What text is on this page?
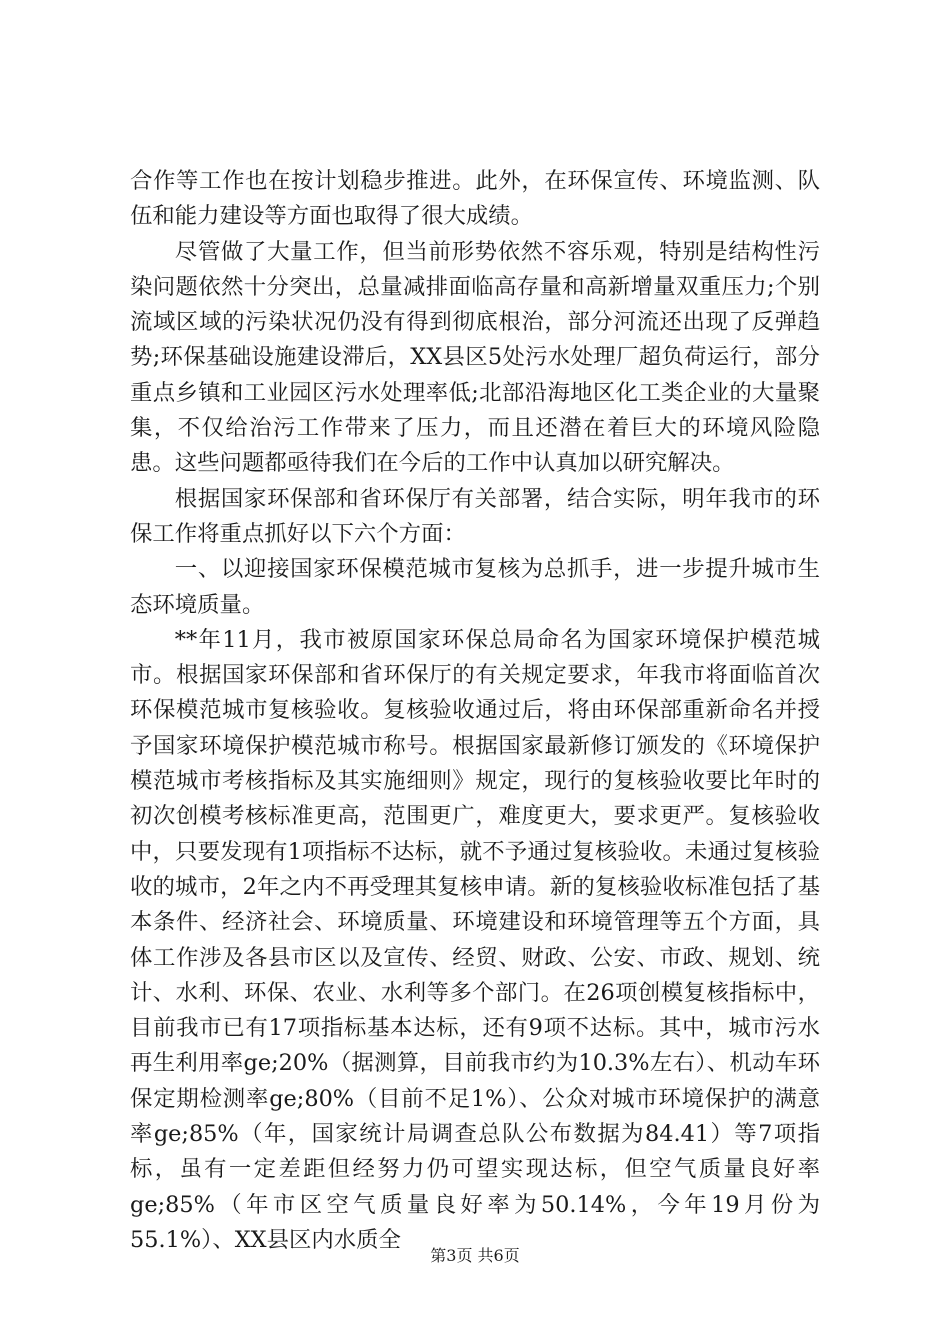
合作等工作也在按计划稳步推进。此外，在环保宣传、环境监测、队伍和能力建设等方面也取得了很大成绩。

尽管做了大量工作，但当前形势依然不容乐观，特别是结构性污染问题依然十分突出，总量减排面临高存量和高新增量双重压力;个别流域区域的污染状况仍没有得到彻底根治，部分河流还出现了反弹趋势;环保基础设施建设滞后，XX县区5处污水处理厂超负荷运行，部分重点乡镇和工业园区污水处理率低;北部沿海地区化工类企业的大量聚集，不仅给治污工作带来了压力，而且还潜在着巨大的环境风险隐患。这些问题都亟待我们在今后的工作中认真加以研究解决。

根据国家环保部和省环保厅有关部署，结合实际，明年我市的环保工作将重点抓好以下六个方面：

一、以迎接国家环保模范城市复核为总抓手，进一步提升城市生态环境质量。

**年11月，我市被原国家环保总局命名为国家环境保护模范城市。根据国家环保部和省环保厅的有关规定要求，年我市将面临首次环保模范城市复核验收。复核验收通过后，将由环保部重新命名并授予国家环境保护模范城市称号。根据国家最新修订颁发的《环境保护模范城市考核指标及其实施细则》规定，现行的复核验收要比年时的初次创模考核标准更高，范围更广，难度更大，要求更严。复核验收中，只要发现有1项指标不达标，就不予通过复核验收。未通过复核验收的城市，2年之内不再受理其复核申请。新的复核验收标准包括了基本条件、经济社会、环境质量、环境建设和环境管理等五个方面，具体工作涉及各县市区以及宣传、经贸、财政、公安、市政、规划、统计、水利、环保、农业、水利等多个部门。在26项创模复核指标中，目前我市已有17项指标基本达标，还有9项不达标。其中，城市污水再生利用率ge;20%（据测算，目前我市约为10.3%左右）、机动车环保定期检测率ge;80%（目前不足1%）、公众对城市环境保护的满意率ge;85%（年，国家统计局调查总队公布数据为84.41）等7项指标，虽有一定差距但经努力仍可望实现达标，但空气质量良好率ge;85%（年市区空气质量良好率为50.14%，今年19月份为55.1%）、XX县区内水质全

第3页 共6页
